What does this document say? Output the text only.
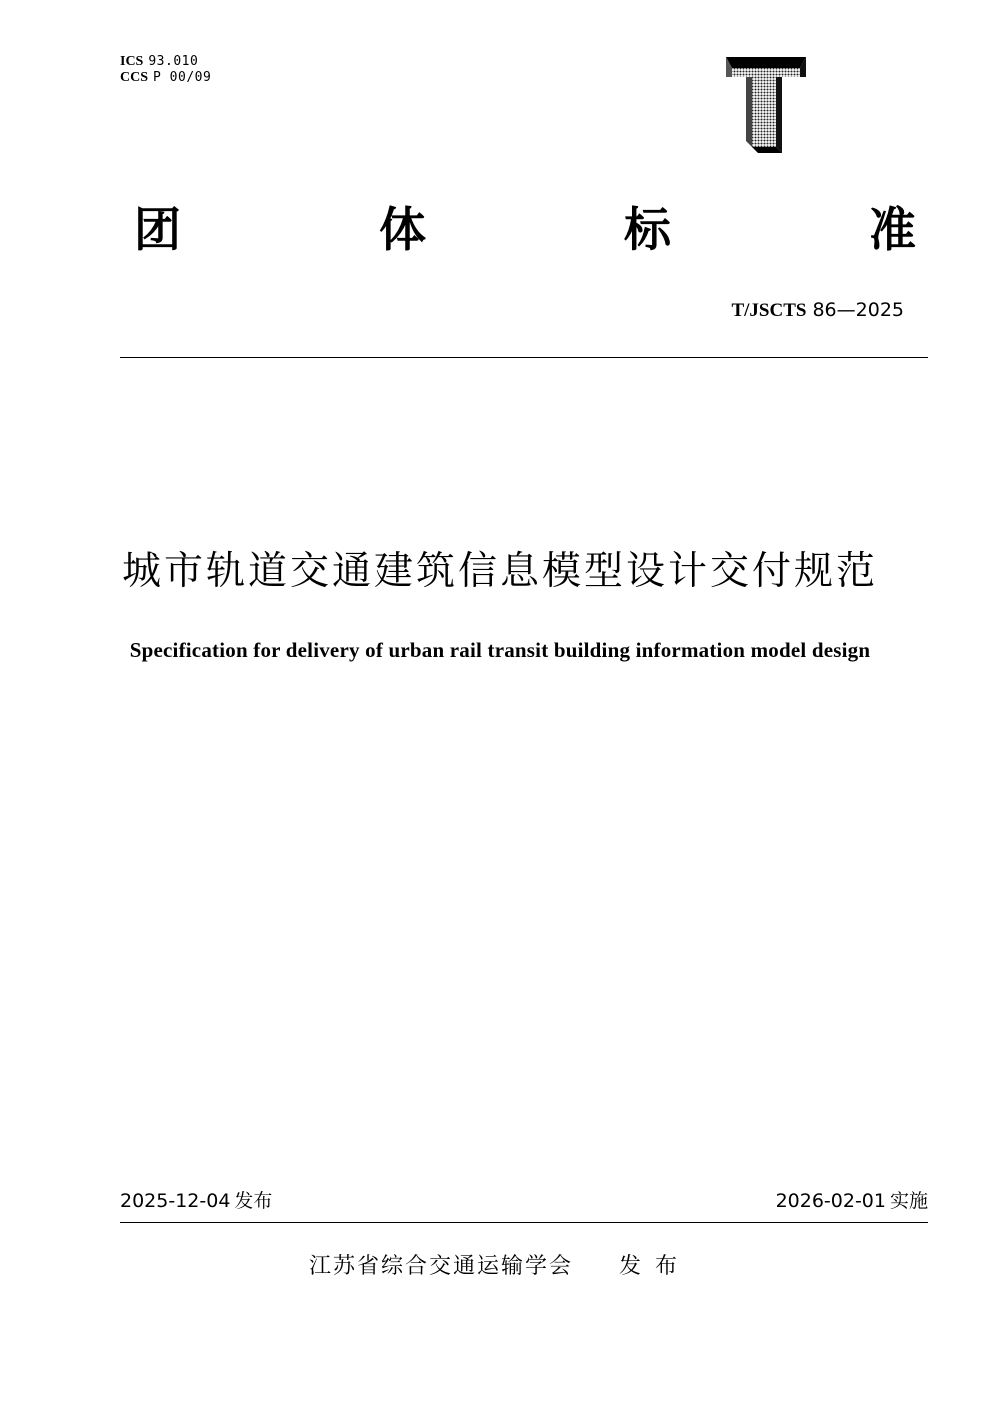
ICS 93.010
CCS P 00/09
团	体	标	准
T/JSCTS 86—2025
城市轨道交通建筑信息模型设计交付规范
Specification for delivery of urban rail transit building information model design
2025-12-04 发布	2026-02-01 实施
江苏省综合交通运输学会 发布
